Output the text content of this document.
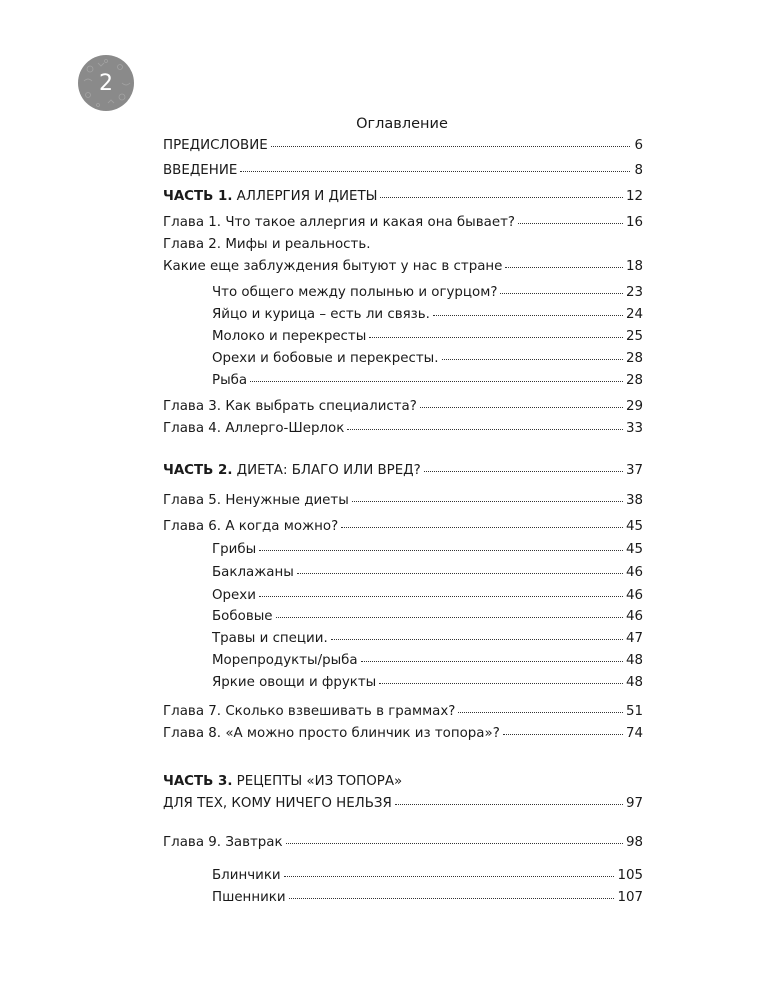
2
Оглавление
ПРЕДИСЛОВИЕ	6
ВВЕДЕНИЕ	8
ЧАСТЬ 1. АЛЛЕРГИЯ И ДИЕТЫ	12
Глава 1. Что такое аллергия и какая она бывает?	16
Глава 2. Мифы и реальность.
Какие еще заблуждения бытуют у нас в стране	18
Что общего между полынью и огурцом?	23
Яйцо и курица – есть ли связь.	24
Молоко и перекресты	25
Орехи и бобовые и перекресты.	28
Рыба	28
Глава 3. Как выбрать специалиста?	29
Глава 4. Аллерго-Шерлок	33
ЧАСТЬ 2. ДИЕТА: БЛАГО ИЛИ ВРЕД?	37
Глава 5. Ненужные диеты	38
Глава 6. А когда можно?	45
Грибы	45
Баклажаны	46
Орехи	46
Бобовые	46
Травы и специи.	47
Морепродукты/рыба	48
Яркие овощи и фрукты	48
Глава 7. Сколько взвешивать в граммах?	51
Глава 8. «А можно просто блинчик из топора»?	74
ЧАСТЬ 3. РЕЦЕПТЫ «ИЗ ТОПОРА»
ДЛЯ ТЕХ, КОМУ НИЧЕГО НЕЛЬЗЯ	97
Глава 9. Завтрак	98
Блинчики	105
Пшенники	107
